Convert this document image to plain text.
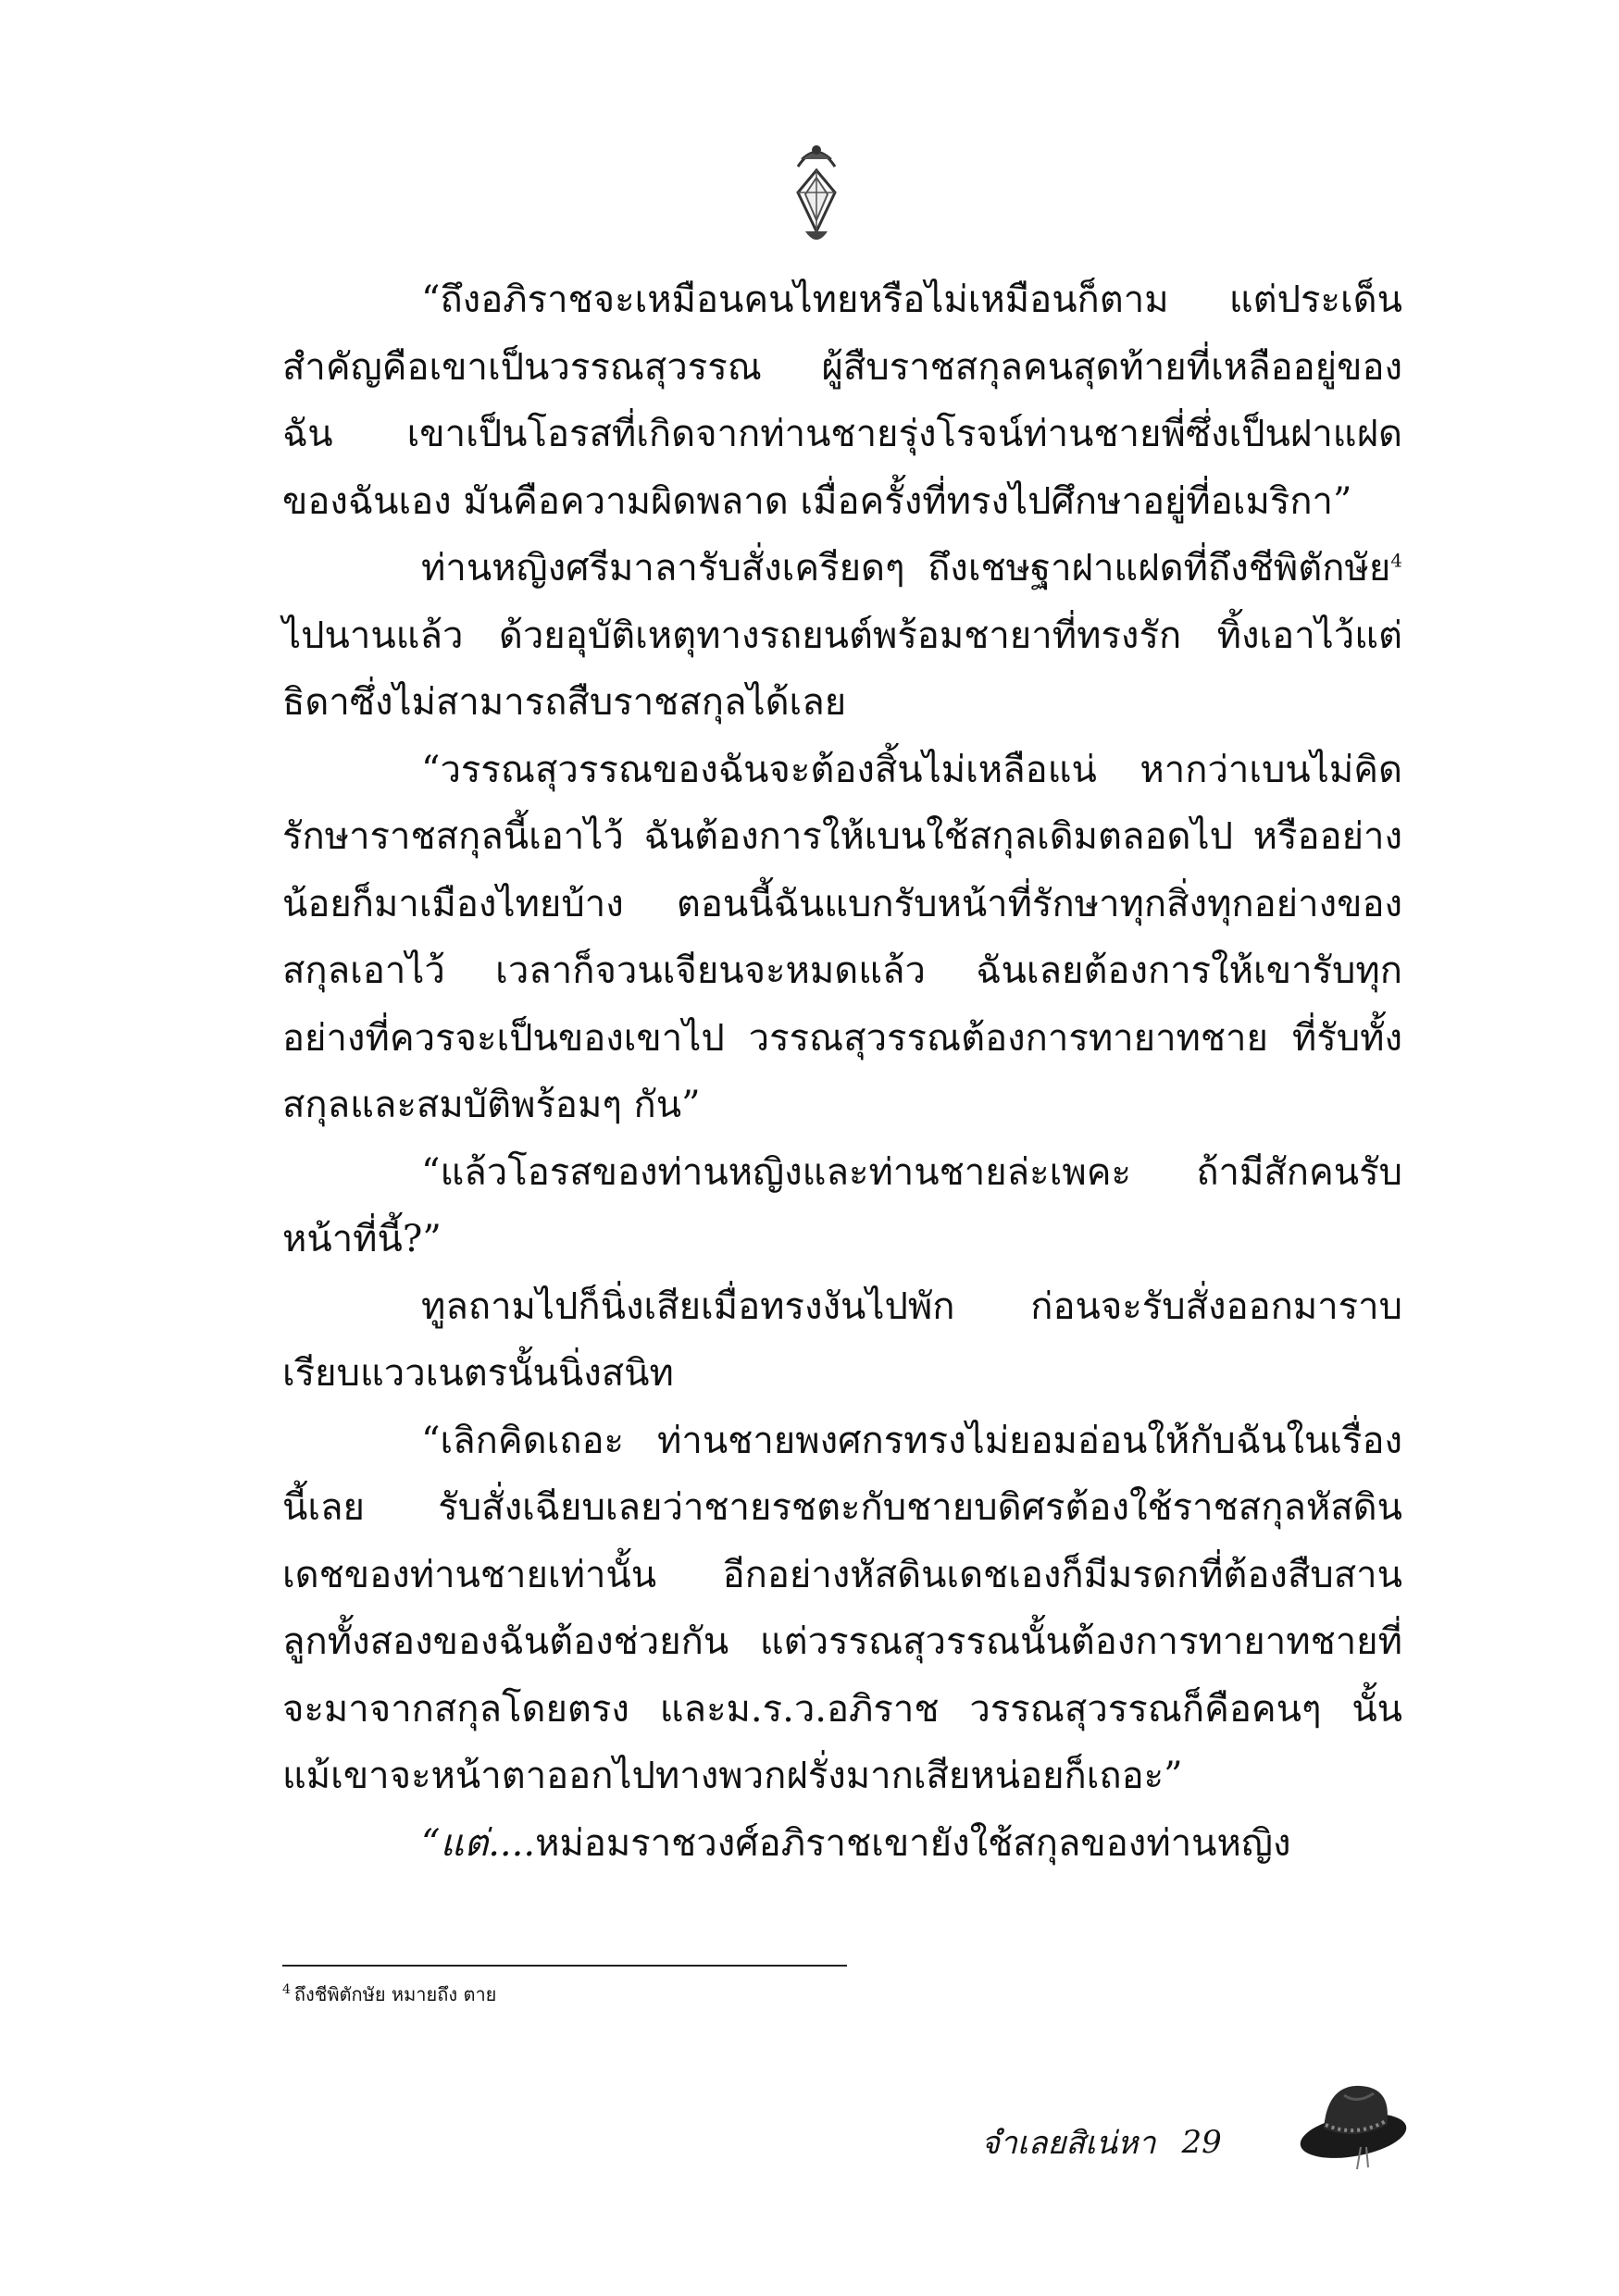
“ถึงอภิราชจะเหมือนคนไทยหรือไม่เหมือนก็ตาม แต่ประเด็นสำคัญคือเขาเป็นวรรณสุวรรณ ผู้สืบราชสกุลคนสุดท้ายที่เหลืออยู่ของฉัน เขาเป็นโอรสที่เกิดจากท่านชายรุ่งโรจน์ท่านชายพี่ซึ่งเป็นฝาแฝดของฉันเอง มันคือความผิดพลาด เมื่อครั้งที่ทรงไปศึกษาอยู่ที่อเมริกา”

ท่านหญิงศรีมาลารับสั่งเครียดๆ ถึงเชษฐาฝาแฝดที่ถึงชีพิตักษัย$^4$ ไปนานแล้ว ด้วยอุบัติเหตุทางรถยนต์พร้อมชายาที่ทรงรัก ทิ้งเอาไว้แต่ธิดาซึ่งไม่สามารถสืบราชสกุลได้เลย

“วรรณสุวรรณของฉันจะต้องสิ้นไม่เหลือแน่ หากว่าเบนไม่คิดรักษาราชสกุลนี้เอาไว้ ฉันต้องการให้เบนใช้สกุลเดิมตลอดไป หรืออย่างน้อยก็มาเมืองไทยบ้าง ตอนนี้ฉันแบกรับหน้าที่รักษาทุกสิ่งทุกอย่างของสกุลเอาไว้ เวลาก็จวนเจียนจะหมดแล้ว ฉันเลยต้องการให้เขารับทุกอย่างที่ควรจะเป็นของเขาไป วรรณสุวรรณต้องการทายาทชาย ที่รับทั้งสกุลและสมบัติพร้อมๆ กัน”

“แล้วโอรสของท่านหญิงและท่านชายล่ะเพคะ ถ้ามีสักคนรับหน้าที่นี้?”

ทูลถามไปก็นิ่งเสียเมื่อทรงงันไปพัก ก่อนจะรับสั่งออกมาราบเรียบแววเนตรนั้นนิ่งสนิท

“เลิกคิดเถอะ ท่านชายพงศกรทรงไม่ยอมอ่อนให้กับฉันในเรื่องนี้เลย รับสั่งเฉียบเลยว่าชายรชตะกับชายบดิศรต้องใช้ราชสกุลหัสดินเดชของท่านชายเท่านั้น อีกอย่างหัสดินเดชเองก็มีมรดกที่ต้องสืบสาน ลูกทั้งสองของฉันต้องช่วยกัน แต่วรรณสุวรรณนั้นต้องการทายาทชายที่จะมาจากสกุลโดยตรง และม.ร.ว.อภิราช วรรณสุวรรณก็คือคนๆ นั้น แม้เขาจะหน้าตาออกไปทางพวกฝรั่งมากเสียหน่อยก็เถอะ”

“แต่....หม่อมราชวงศ์อภิราชเขายังใช้สกุลของท่านหญิง

$^4$ ถึงชีพิตักษัย หมายถึง ตาย
จำเลยสิเน่หา 29
